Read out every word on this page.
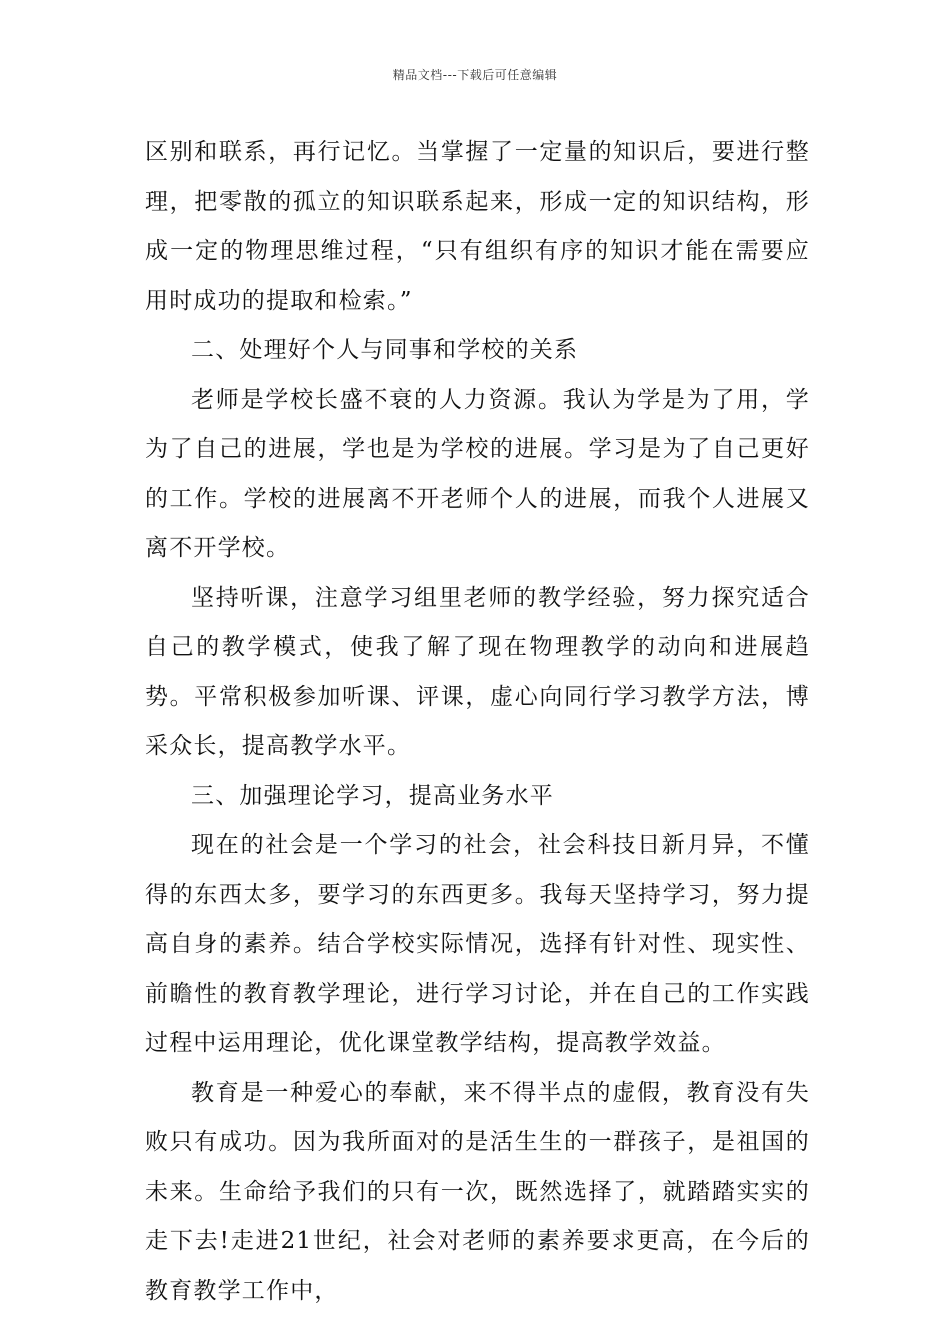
精品文档---下载后可任意编辑

区别和联系，再行记忆。当掌握了一定量的知识后，要进行整理，把零散的孤立的知识联系起来，形成一定的知识结构，形成一定的物理思维过程，“只有组织有序的知识才能在需要应用时成功的提取和检索。”

二、处理好个人与同事和学校的关系

老师是学校长盛不衰的人力资源。我认为学是为了用，学为了自己的进展，学也是为学校的进展。学习是为了自己更好的工作。学校的进展离不开老师个人的进展，而我个人进展又离不开学校。

坚持听课，注意学习组里老师的教学经验，努力探究适合自己的教学模式，使我了解了现在物理教学的动向和进展趋势。平常积极参加听课、评课，虚心向同行学习教学方法，博采众长，提高教学水平。

三、加强理论学习，提高业务水平

现在的社会是一个学习的社会，社会科技日新月异，不懂得的东西太多，要学习的东西更多。我每天坚持学习，努力提高自身的素养。结合学校实际情况，选择有针对性、现实性、前瞻性的教育教学理论，进行学习讨论，并在自己的工作实践过程中运用理论，优化课堂教学结构，提高教学效益。

教育是一种爱心的奉献，来不得半点的虚假，教育没有失败只有成功。因为我所面对的是活生生的一群孩子，是祖国的未来。生命给予我们的只有一次，既然选择了，就踏踏实实的走下去!走进21世纪，社会对老师的素养要求更高，在今后的教育教学工作中，
